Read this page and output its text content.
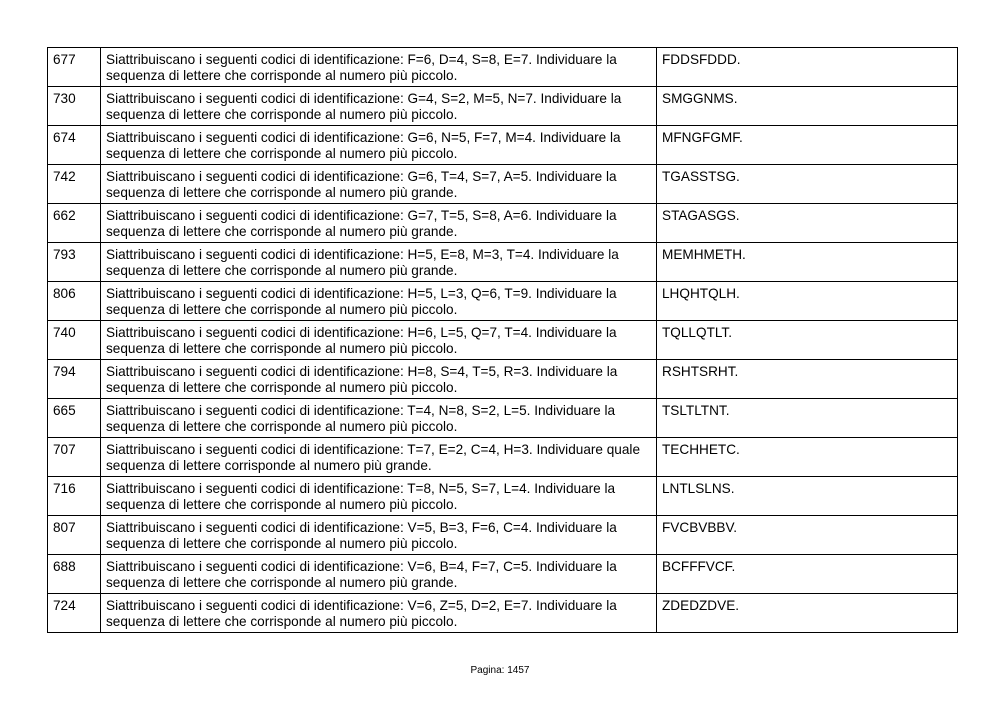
677	Siattribuiscano i seguenti codici di identificazione: F=6, D=4, S=8, E=7. Individuare la sequenza di lettere che corrisponde al numero più piccolo.	FDDSFDDD.
730	Siattribuiscano i seguenti codici di identificazione: G=4, S=2, M=5, N=7. Individuare la sequenza di lettere che corrisponde al numero più piccolo.	SMGGNMS.
674	Siattribuiscano i seguenti codici di identificazione: G=6, N=5, F=7, M=4. Individuare la sequenza di lettere che corrisponde al numero più piccolo.	MFNGFGMF.
742	Siattribuiscano i seguenti codici di identificazione: G=6, T=4, S=7, A=5. Individuare la sequenza di lettere che corrisponde al numero più grande.	TGASSTSG.
662	Siattribuiscano i seguenti codici di identificazione: G=7, T=5, S=8, A=6. Individuare la sequenza di lettere che corrisponde al numero più grande.	STAGASGS.
793	Siattribuiscano i seguenti codici di identificazione: H=5, E=8, M=3, T=4. Individuare la sequenza di lettere che corrisponde al numero più grande.	MEMHMETH.
806	Siattribuiscano i seguenti codici di identificazione: H=5, L=3, Q=6, T=9. Individuare la sequenza di lettere che corrisponde al numero più piccolo.	LHQHTQLH.
740	Siattribuiscano i seguenti codici di identificazione: H=6, L=5, Q=7, T=4. Individuare la sequenza di lettere che corrisponde al numero più piccolo.	TQLLQTLT.
794	Siattribuiscano i seguenti codici di identificazione: H=8, S=4, T=5, R=3. Individuare la sequenza di lettere che corrisponde al numero più piccolo.	RSHTSRHT.
665	Siattribuiscano i seguenti codici di identificazione: T=4, N=8, S=2, L=5. Individuare la sequenza di lettere che corrisponde al numero più piccolo.	TSLTLTNT.
707	Siattribuiscano i seguenti codici di identificazione: T=7, E=2, C=4, H=3. Individuare quale sequenza di lettere corrisponde al numero più grande.	TECHHETC.
716	Siattribuiscano i seguenti codici di identificazione: T=8, N=5, S=7, L=4. Individuare la sequenza di lettere che corrisponde al numero più piccolo.	LNTLSLNS.
807	Siattribuiscano i seguenti codici di identificazione: V=5, B=3, F=6, C=4. Individuare la sequenza di lettere che corrisponde al numero più piccolo.	FVCBVBBV.
688	Siattribuiscano i seguenti codici di identificazione: V=6, B=4, F=7, C=5. Individuare la sequenza di lettere che corrisponde al numero più grande.	BCFFFVCF.
724	Siattribuiscano i seguenti codici di identificazione: V=6, Z=5, D=2, E=7. Individuare la sequenza di lettere che corrisponde al numero più piccolo.	ZDEDZDVE.
Pagina: 1457
